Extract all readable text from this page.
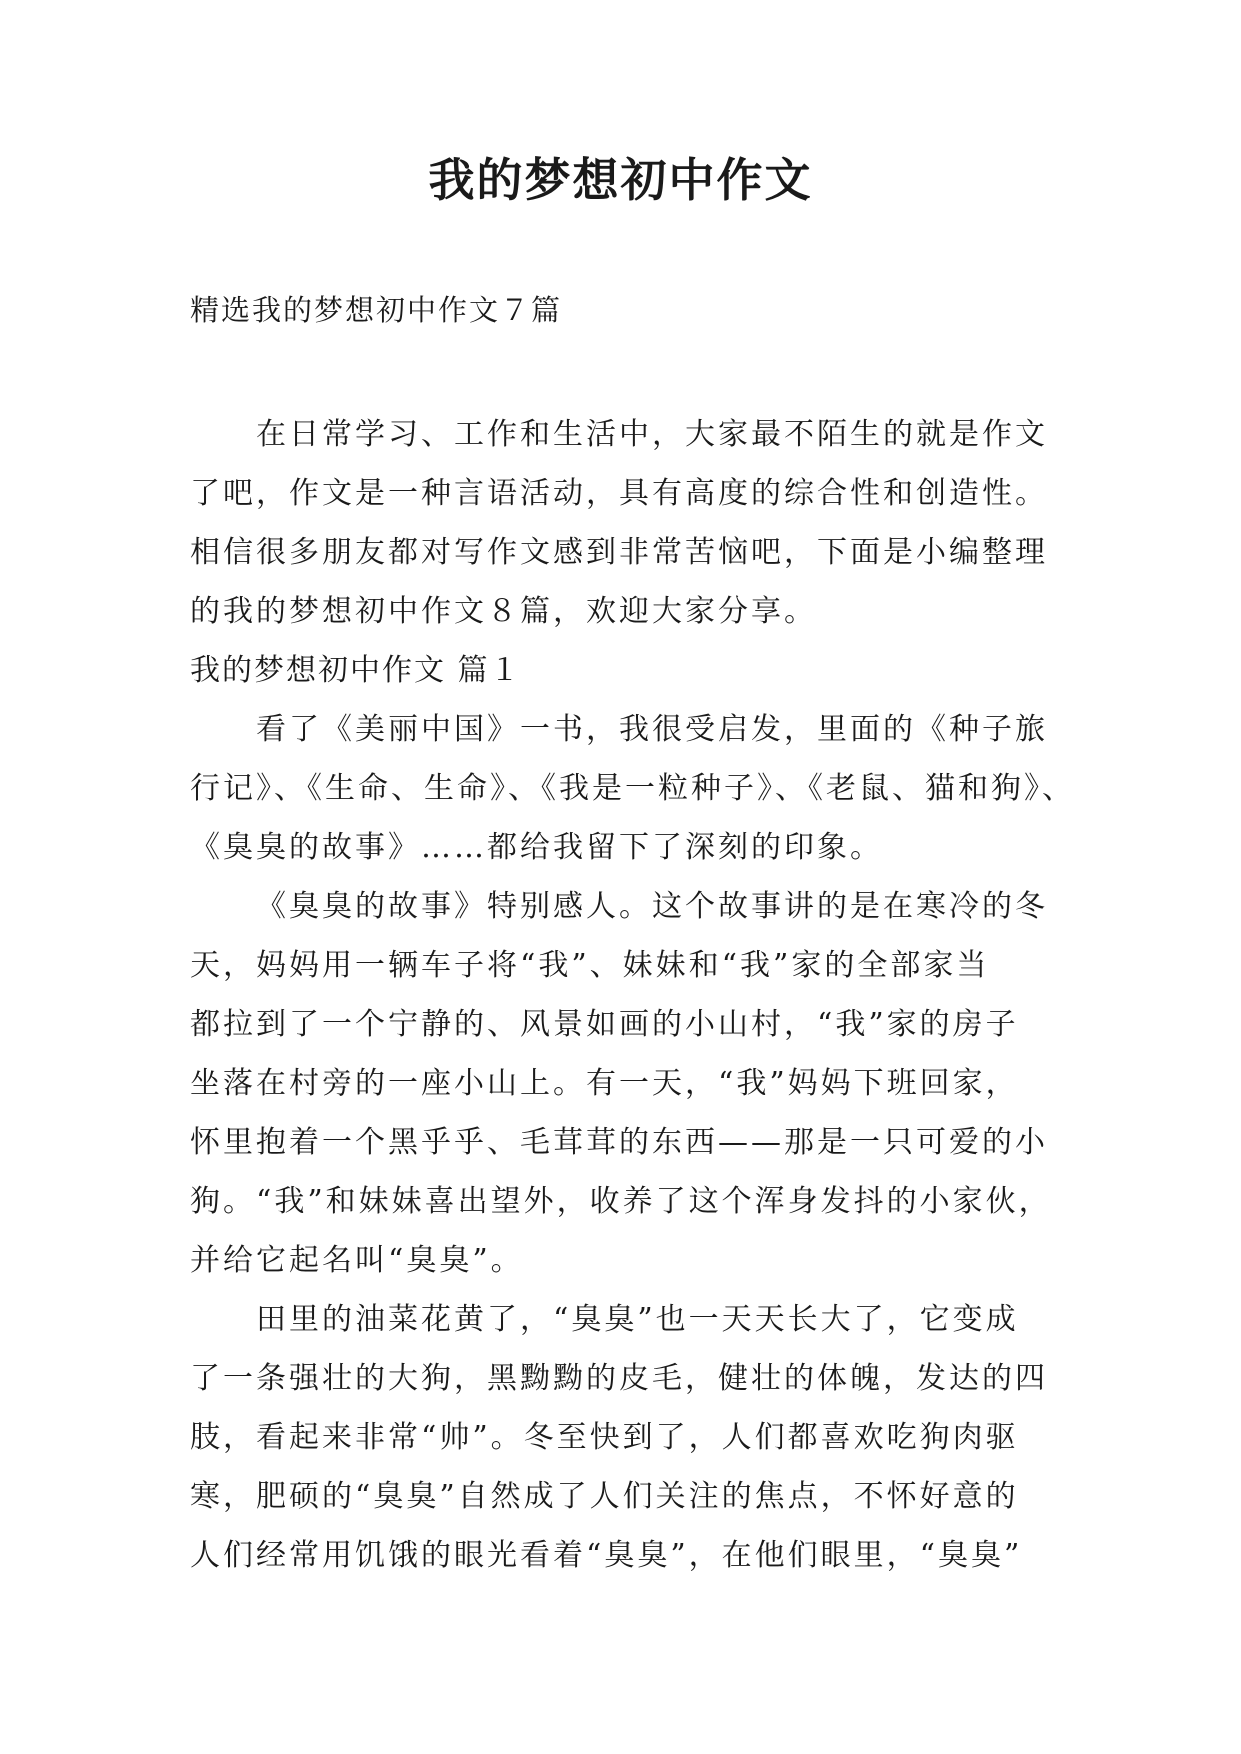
我的梦想初中作文
精选我的梦想初中作文７篇
在日常学习、工作和生活中，大家最不陌生的就是作文
了吧，作文是一种言语活动，具有高度的综合性和创造性。
相信很多朋友都对写作文感到非常苦恼吧，下面是小编整理
的我的梦想初中作文８篇，欢迎大家分享。
我的梦想初中作文 篇１
看了《美丽中国》一书，我很受启发，里面的《种子旅
行记》、《生命、生命》、《我是一粒种子》、《老鼠、猫和狗》、
《臭臭的故事》……都给我留下了深刻的印象。
《臭臭的故事》特别感人。这个故事讲的是在寒冷的冬
天，妈妈用一辆车子将“我”、妹妹和“我”家的全部家当
都拉到了一个宁静的、风景如画的小山村，“我”家的房子
坐落在村旁的一座小山上。有一天，“我”妈妈下班回家，
怀里抱着一个黑乎乎、毛茸茸的东西——那是一只可爱的小
狗。“我”和妹妹喜出望外，收养了这个浑身发抖的小家伙，
并给它起名叫“臭臭”。
田里的油菜花黄了，“臭臭”也一天天长大了，它变成
了一条强壮的大狗，黑黝黝的皮毛，健壮的体魄，发达的四
肢，看起来非常“帅”。冬至快到了，人们都喜欢吃狗肉驱
寒，肥硕的“臭臭”自然成了人们关注的焦点，不怀好意的
人们经常用饥饿的眼光看着“臭臭”，在他们眼里，“臭臭”
